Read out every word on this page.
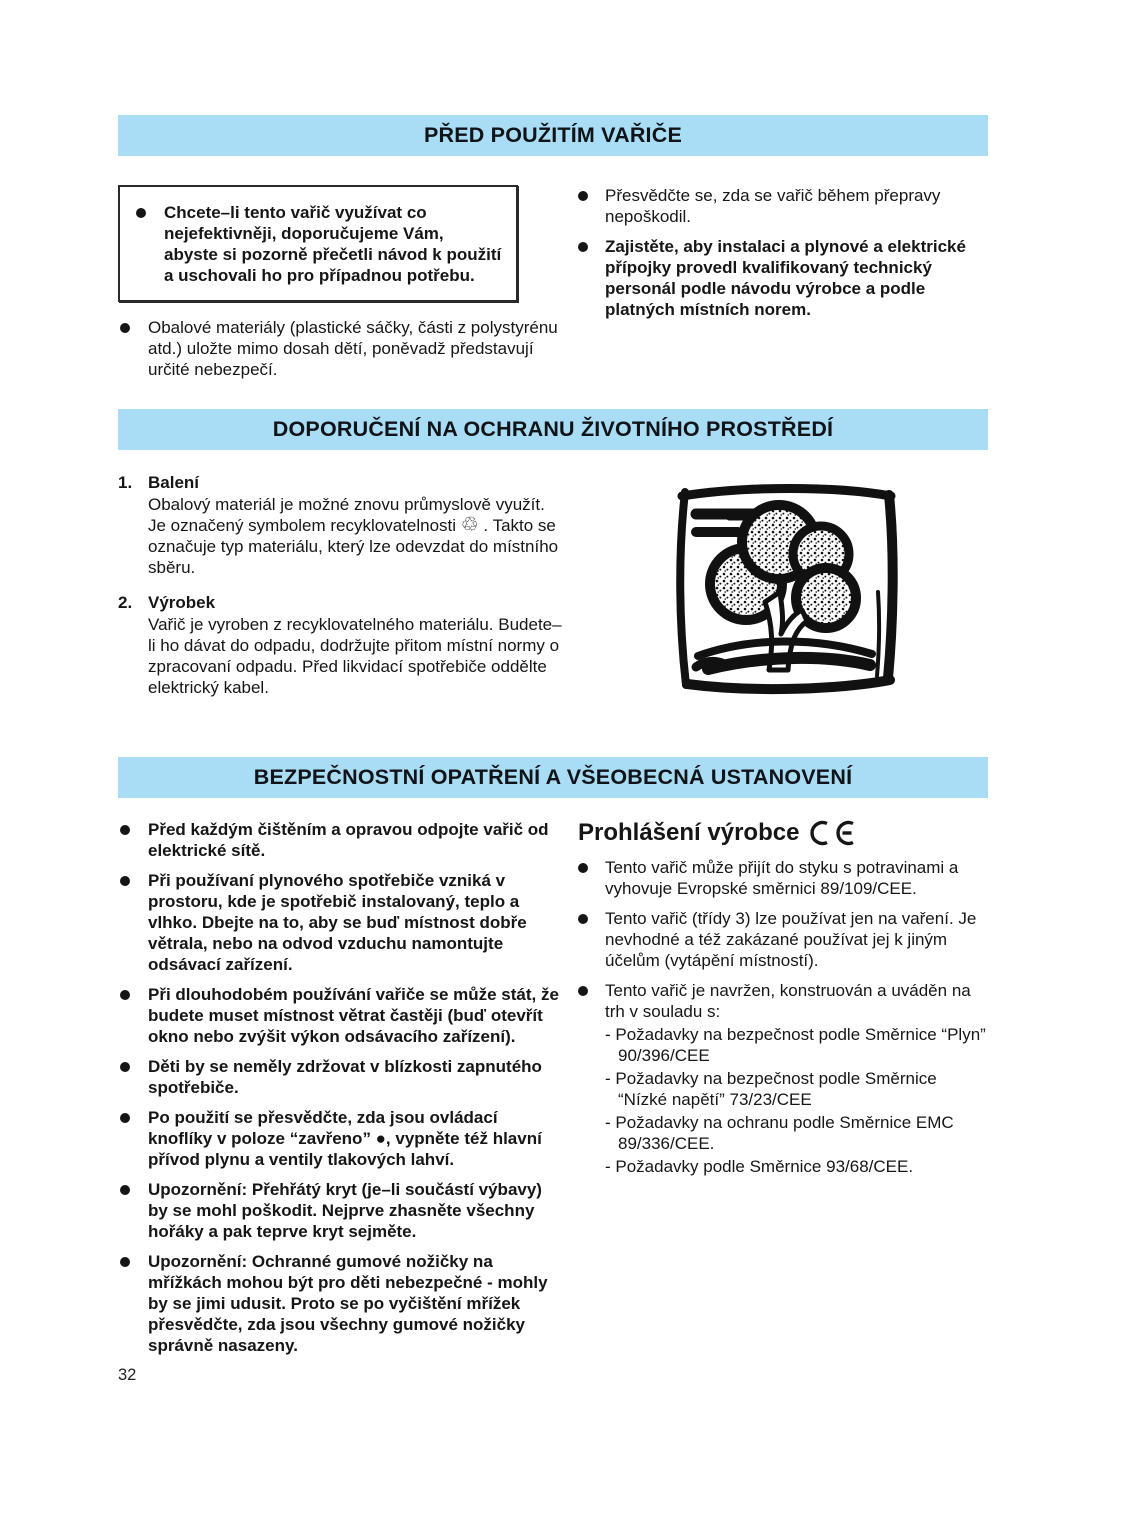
PŘED POUŽITÍM VAŘIČE

Chcete–li tento vařič využívat co nejefektivněji, doporučujeme Vám, abyste si pozorně přečetli návod k použití a uschovali ho pro případnou potřebu.

Obalové materiály (plastické sáčky, části z polystyrénu atd.) uložte mimo dosah dětí, poněvadž představují určité nebezpečí.

Přesvědčte se, zda se vařič během přepravy nepoškodil.

Zajistěte, aby instalaci a plynové a elektrické přípojky provedl kvalifikovaný technický personál podle návodu výrobce a podle platných místních norem.

DOPORUČENÍ NA OCHRANU ŽIVOTNÍHO PROSTŘEDÍ
1. Balení

Obalový materiál je možné znovu průmyslově využít. Je označený symbolem recyklovatelnosti ♲ . Takto se označuje typ materiálu, který lze odevzdat do místního sběru.

2. Výrobek

Vařič je vyroben z recyklovatelného materiálu. Budete–li ho dávat do odpadu, dodržujte přitom místní normy o zpracovaní odpadu. Před likvidací spotřebiče oddělte elektrický kabel.

BEZPEČNOSTNÍ OPATŘENÍ A VŠEOBECNÁ USTANOVENÍ

Před každým čištěním a opravou odpojte vařič od elektrické sítě.

Při používaní plynového spotřebiče vzniká v prostoru, kde je spotřebič instalovaný, teplo a vlhko. Dbejte na to, aby se buď místnost dobře větrala, nebo na odvod vzduchu namontujte odsávací zařízení.

Při dlouhodobém používání vařiče se může stát, že budete muset místnost větrat častěji (buď otevřít okno nebo zvýšit výkon odsávacího zařízení).

Děti by se neměly zdržovat v blízkosti zapnutého spotřebiče.

Po použití se přesvědčte, zda jsou ovládací knoflíky v poloze “zavřeno” ●, vypněte též hlavní přívod plynu a ventily tlakových lahví.

Upozornění: Přehřátý kryt (je–li součástí výbavy) by se mohl poškodit. Nejprve zhasněte všechny hořáky a pak teprve kryt sejměte.

Upozornění: Ochranné gumové nožičky na mřížkách mohou být pro děti nebezpečné - mohly by se jimi udusit. Proto se po vyčištění mřížek přesvědčte, zda jsou všechny gumové nožičky správně nasazeny.

Prohlášení výrobce

Tento vařič může přijít do styku s potravinami a vyhovuje Evropské směrnici 89/109/CEE.

Tento vařič (třídy 3) lze používat jen na vaření. Je nevhodné a též zakázané používat jej k jiným účelům (vytápění místností).

Tento vařič je navržen, konstruován a uváděn na trh v souladu s:

- Požadavky na bezpečnost podle Směrnice “Plyn” 90/396/CEE

- Požadavky na bezpečnost podle Směrnice “Nízké napětí” 73/23/CEE

- Požadavky na ochranu podle Směrnice EMC 89/336/CEE.

- Požadavky podle Směrnice 93/68/CEE.

32
